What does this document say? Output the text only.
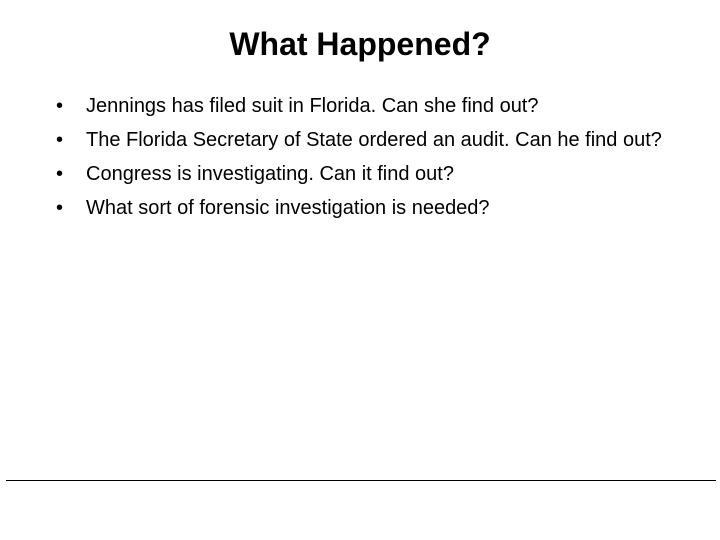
What Happened?
•	Jennings has filed suit in Florida. Can she find out?
•	The Florida Secretary of State ordered an audit. Can he find out?
•	Congress is investigating. Can it find out?
•	What sort of forensic investigation is needed?
